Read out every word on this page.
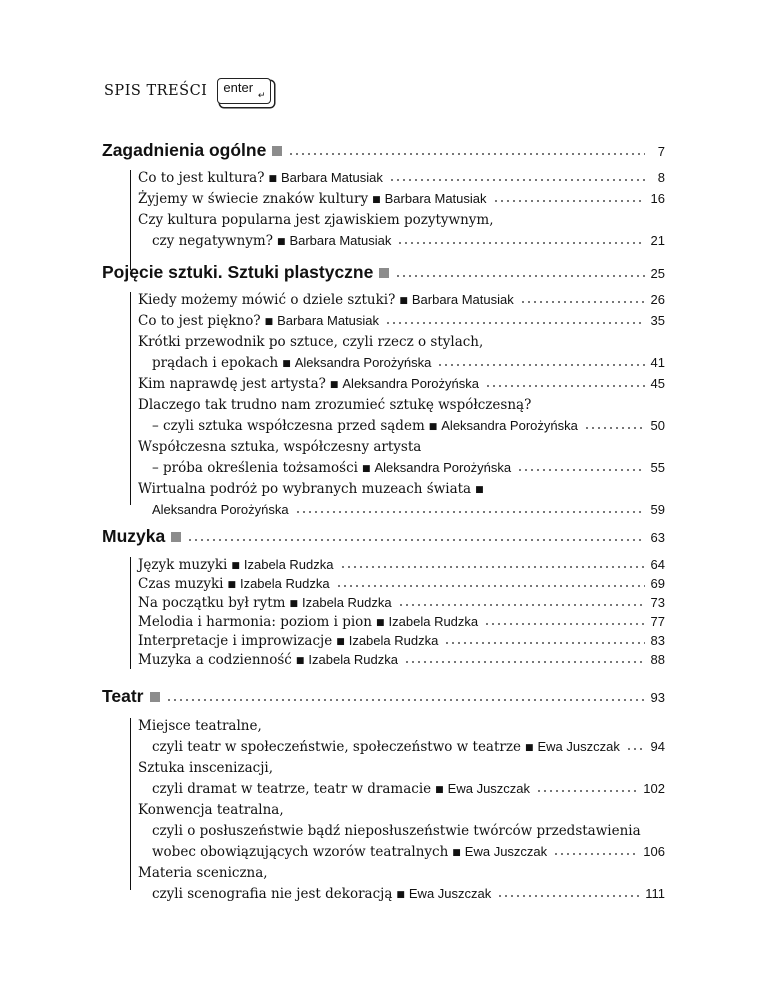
SPIS TREŚCI enter
↵
Zagadnienia ogólne	7
Co to jest kultura? ■ Barbara Matusiak	8
Żyjemy w świecie znaków kultury ■ Barbara Matusiak	16
Czy kultura popularna jest zjawiskiem pozytywnym,
czy negatywnym? ■ Barbara Matusiak	21
Pojęcie sztuki. Sztuki plastyczne	25
Kiedy możemy mówić o dziele sztuki? ■ Barbara Matusiak	26
Co to jest piękno? ■ Barbara Matusiak	35
Krótki przewodnik po sztuce, czyli rzecz o stylach,
prądach i epokach ■ Aleksandra Porożyńska	41
Kim naprawdę jest artysta? ■ Aleksandra Porożyńska	45
Dlaczego tak trudno nam zrozumieć sztukę współczesną?
– czyli sztuka współczesna przed sądem ■ Aleksandra Porożyńska	50
Współczesna sztuka, współczesny artysta
– próba określenia tożsamości ■ Aleksandra Porożyńska	55
Wirtualna podróż po wybranych muzeach świata ■
Aleksandra Porożyńska	59
Muzyka	63
Język muzyki ■ Izabela Rudzka	64
Czas muzyki ■ Izabela Rudzka	69
Na początku był rytm ■ Izabela Rudzka	73
Melodia i harmonia: poziom i pion ■ Izabela Rudzka	77
Interpretacje i improwizacje ■ Izabela Rudzka	83
Muzyka a codzienność ■ Izabela Rudzka	88
Teatr	93
Miejsce teatralne,
czyli teatr w społeczeństwie, społeczeństwo w teatrze ■ Ewa Juszczak 94
Sztuka inscenizacji,
czyli dramat w teatrze, teatr w dramacie ■ Ewa Juszczak	102
Konwencja teatralna,
czyli o posłuszeństwie bądź nieposłuszeństwie twórców przedstawienia
wobec obowiązujących wzorów teatralnych ■ Ewa Juszczak	106
Materia sceniczna,
czyli scenografia nie jest dekoracją ■ Ewa Juszczak	111
